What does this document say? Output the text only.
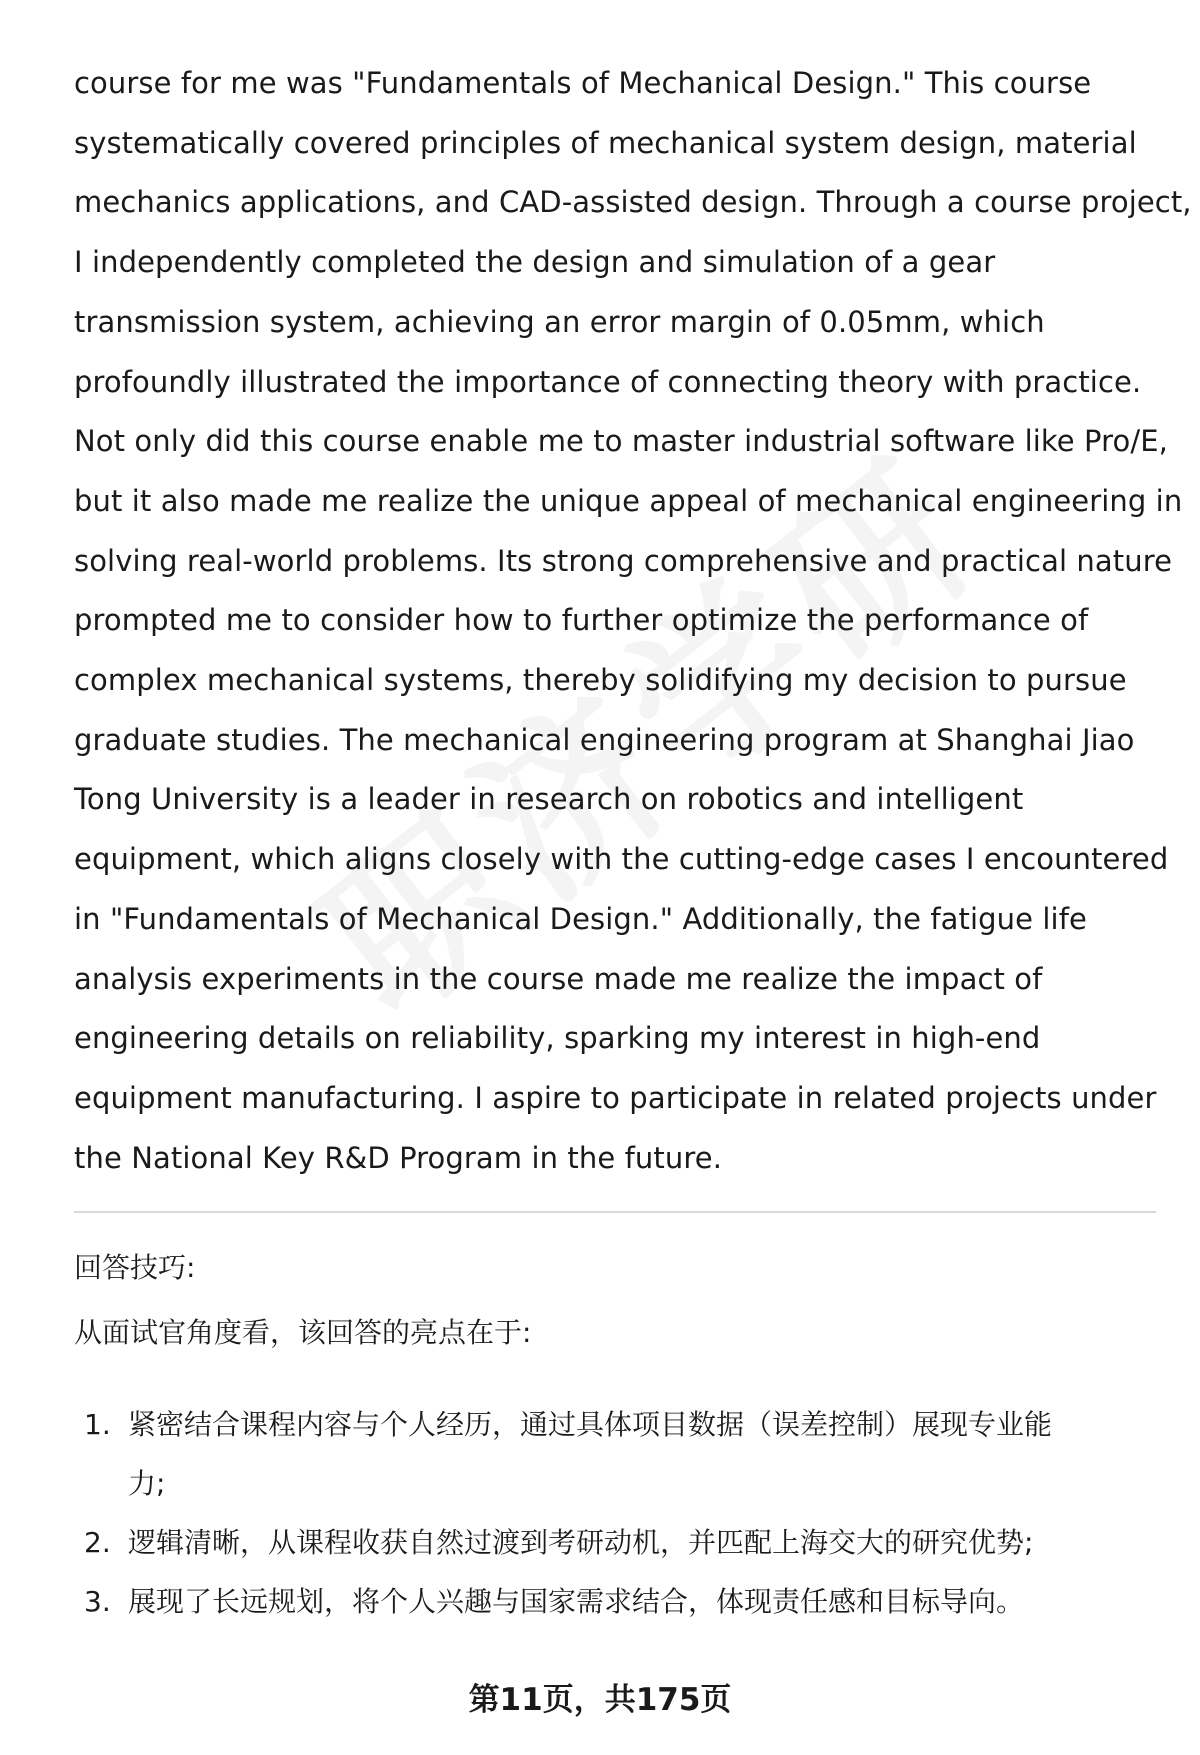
course for me was "Fundamentals of Mechanical Design." This course
systematically covered principles of mechanical system design, material
mechanics applications, and CAD-assisted design. Through a course project,
I independently completed the design and simulation of a gear
transmission system, achieving an error margin of 0.05mm, which
profoundly illustrated the importance of connecting theory with practice.
Not only did this course enable me to master industrial software like Pro/E,
but it also made me realize the unique appeal of mechanical engineering in
solving real-world problems. Its strong comprehensive and practical nature
prompted me to consider how to further optimize the performance of
complex mechanical systems, thereby solidifying my decision to pursue
graduate studies. The mechanical engineering program at Shanghai Jiao
Tong University is a leader in research on robotics and intelligent
equipment, which aligns closely with the cutting-edge cases I encountered
in "Fundamentals of Mechanical Design." Additionally, the fatigue life
analysis experiments in the course made me realize the impact of
engineering details on reliability, sparking my interest in high-end
equipment manufacturing. I aspire to participate in related projects under
the National Key R&D Program in the future.
回答技巧:
从面试官角度看，该回答的亮点在于:
1. 紧密结合课程内容与个人经历，通过具体项目数据（误差控制）展现专业能
力;
2. 逻辑清晰，从课程收获自然过渡到考研动机，并匹配上海交大的研究优势;
3. 展现了长远规划，将个人兴趣与国家需求结合，体现责任感和目标导向。
第11页，共175页
